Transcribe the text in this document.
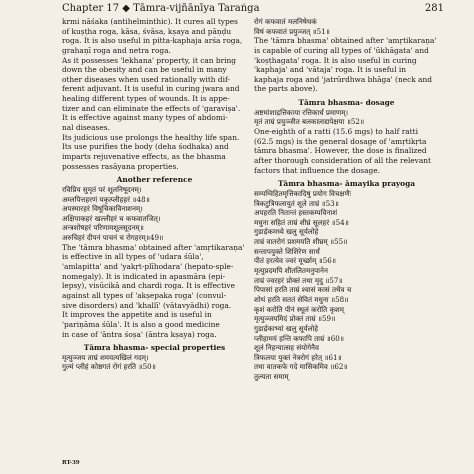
Chapter 17 ◆ Tāmra-vijñānīya Taraṅga	281
krmi nāśaka (antihelminthic). It cures all types
of kuṣṭha roga, kāsa, śvāsa, kṣaya and pāṇḍu
roga. It is also useful in pitta-kaphaja arśa roga,
grahaṇī roga and netra roga.
As it possesses 'lekhana' property, it can bring
down the obesity and can be useful in many
other diseases when used rationally with dif-
ferent adjuvant. It is useful in curing jwara and
healing different types of wounds. It is appe-
tizer and can eliminate the effects of 'garaviṣa'.
It is effective against many types of abdomi-
nal diseases.
Its judicious use prolongs the healthy life span.
Its use purifies the body (deha śodhaka) and
imparts rejuvenative effects, as the bhasma
possesses rasāyana properties.
Another reference
रविप्रिय सुमृतं परं शूलनिषूदनम्।
अम्लपित्तहरणं यकृत्प्लीहहरं ॥48॥
अपस्मारहरं विषूचिकाविनाशनम्।
अक्षिपाकहरं खल्लीहरं च कफवातजित्।
अन्त्रशोषहरं परिणामशूलसूदनम्॥
अरुचिहरं दीपनं पाचनं च रोगहरम्॥49॥
The 'tāmra bhasma' obtained after 'amṛtikaraṇa'
is effective in all types of 'udara śūla',
'amlapitta' and 'yakṛt-plīhodara' (hepato-sple-
nomegaly). It is indicated in apasmāra (epi-
lepsy), visūcikā and chardi roga. It is effective
against all types of 'akṣepaka roga' (convul-
sive disorders) and 'khallī' (vātavyādhi) roga.
It improves the appetite and is useful in
'pariṇāma śūla'. It is also a good medicine
in case of 'āntra śoṣa' (āntra kṣaya) roga.
Tāmra bhasma- special properties
मृत्युञ्जय ताम्रं शमयत्यखिलं गदम्।
गुल्मं प्लीहं कोष्ठगतं रोगं हरति ॥50॥
रोगं कफवातं मलनिषेधकं
विषं कफवातं प्रयुञ्जत् ॥51॥
The 'tāmra bhasma' obtained after 'amṛtikaraṇa'
is capable of curing all types of 'ūkhāgata' and
'koṣṭhagata' roga. It is also useful in curing
'kaphaja' and 'vātaja' roga. It is useful in
kaphaja roga and 'jatrūrdhwa bhāga' (neck and
the parts above).
Tāmra bhasma- dosage
अष्टमांशाद्रत्तिकाया रत्तिकार्धं प्रमाणम्।
मृतं ताम्रं प्रयुञ्जीत बलकालाद्यपेक्षया ॥52॥
One-eighth of a ratti (15.6 mgs) to half ratti
(62.5 mgs) is the general dosage of 'amṛtikṛta
tāmra bhasma'. However, the dose is finalized
after thorough consideration of all the relevant
factors that influence the dosage.
Tāmra bhasma- āmayika prayoga
सम्यग्विहितमृत्तिकादिषु प्रयोग विचक्षणैः
त्रिकटुत्रिफलायुतं शूले ताम्रं ॥53॥
अपहरति नितान्तं हस्तकम्पविनाशं
मधुना सहितं ताम्रं शीघ्रं सूलहरं ॥54॥
गुडार्द्रकमध्ये खलु सूर्यलोहे
ताम्रं वातरोगं प्रशमयति शीघ्रम् ॥55॥
सन्तापयुक्ते शिशिरेण सार्धं
पीतं हरत्येव ज्वरं मूर्च्छाम् ॥56॥
मृत्युप्रदमपि शीतलितमनुपानेन
ताम्रं ज्वरहरं प्रोक्तं तथा मृदु ॥57॥
पिपासां हरति ताम्रं श्वासं कासं तथैव च
शोथं हरति सततं सेवितं मधुना ॥58॥
कृशं करोति पीनं स्थूलं करोति कृशम्
मृत्युञ्जयमिदं प्रोक्तं ताम्रं ॥59॥
गुडार्द्रकाभ्यां खलु सूर्यलोहे
प्लीहामयं हन्ति कफापि ताम्रं ॥60॥
शूलं निहन्यात्सह संयोगेनैव
त्रिफलया युक्तं नेत्ररोगं हरेत् ॥61॥
तथा वातकफे गदे मासिकमिव ॥62॥
तुल्यता समाम्
RT-39
